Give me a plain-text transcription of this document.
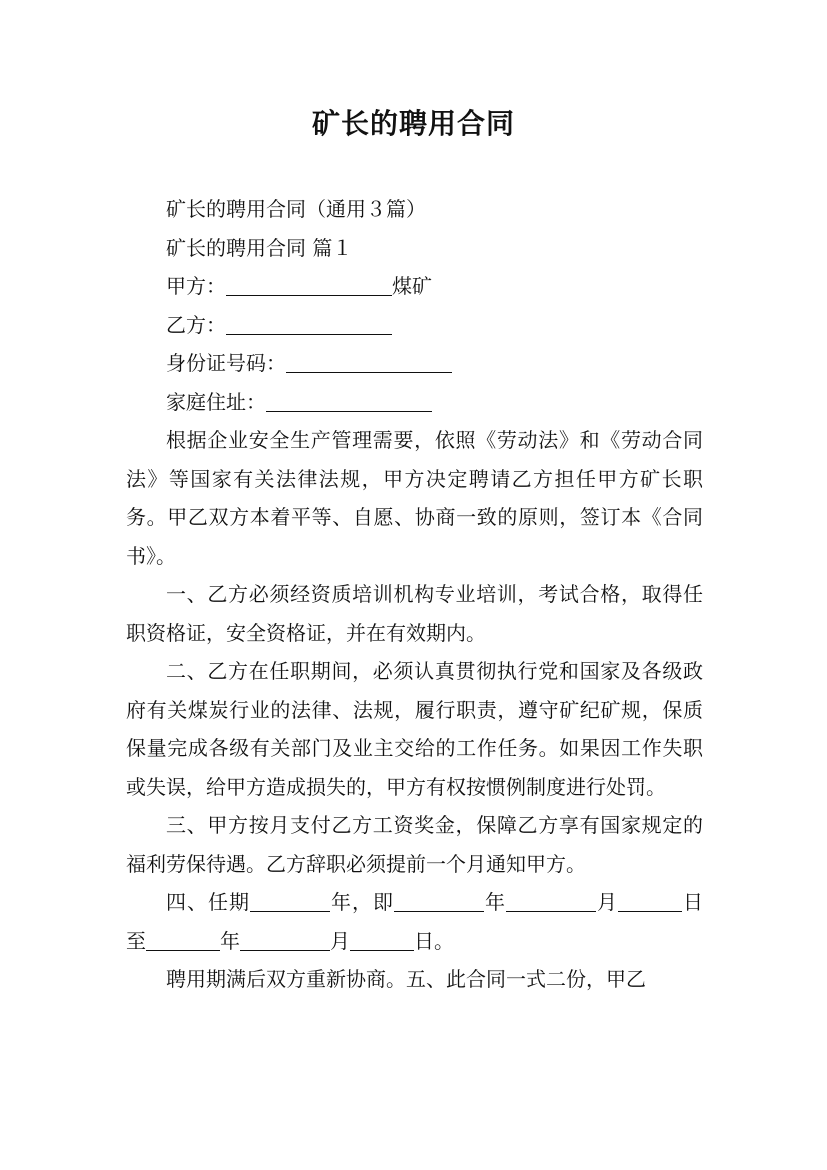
矿长的聘用合同

矿长的聘用合同（通用３篇）

矿长的聘用合同 篇１

甲方：	煤矿

乙方：

身份证号码：

家庭住址：

根据企业安全生产管理需要，依照《劳动法》和《劳动合同法》等国家有关法律法规，甲方决定聘请乙方担任甲方矿长职务。甲乙双方本着平等、自愿、协商一致的原则，签订本《合同书》。

一、乙方必须经资质培训机构专业培训，考试合格，取得任职资格证，安全资格证，并在有效期内。

二、乙方在任职期间，必须认真贯彻执行党和国家及各级政府有关煤炭行业的法律、法规，履行职责，遵守矿纪矿规，保质保量完成各级有关部门及业主交给的工作任务。如果因工作失职或失误，给甲方造成损失的，甲方有权按惯例制度进行处罚。

三、甲方按月支付乙方工资奖金，保障乙方享有国家规定的福利劳保待遇。乙方辞职必须提前一个月通知甲方。

四、任期	年，即	年	月	日至	年	月	日。

聘用期满后双方重新协商。五、此合同一式二份，甲乙
